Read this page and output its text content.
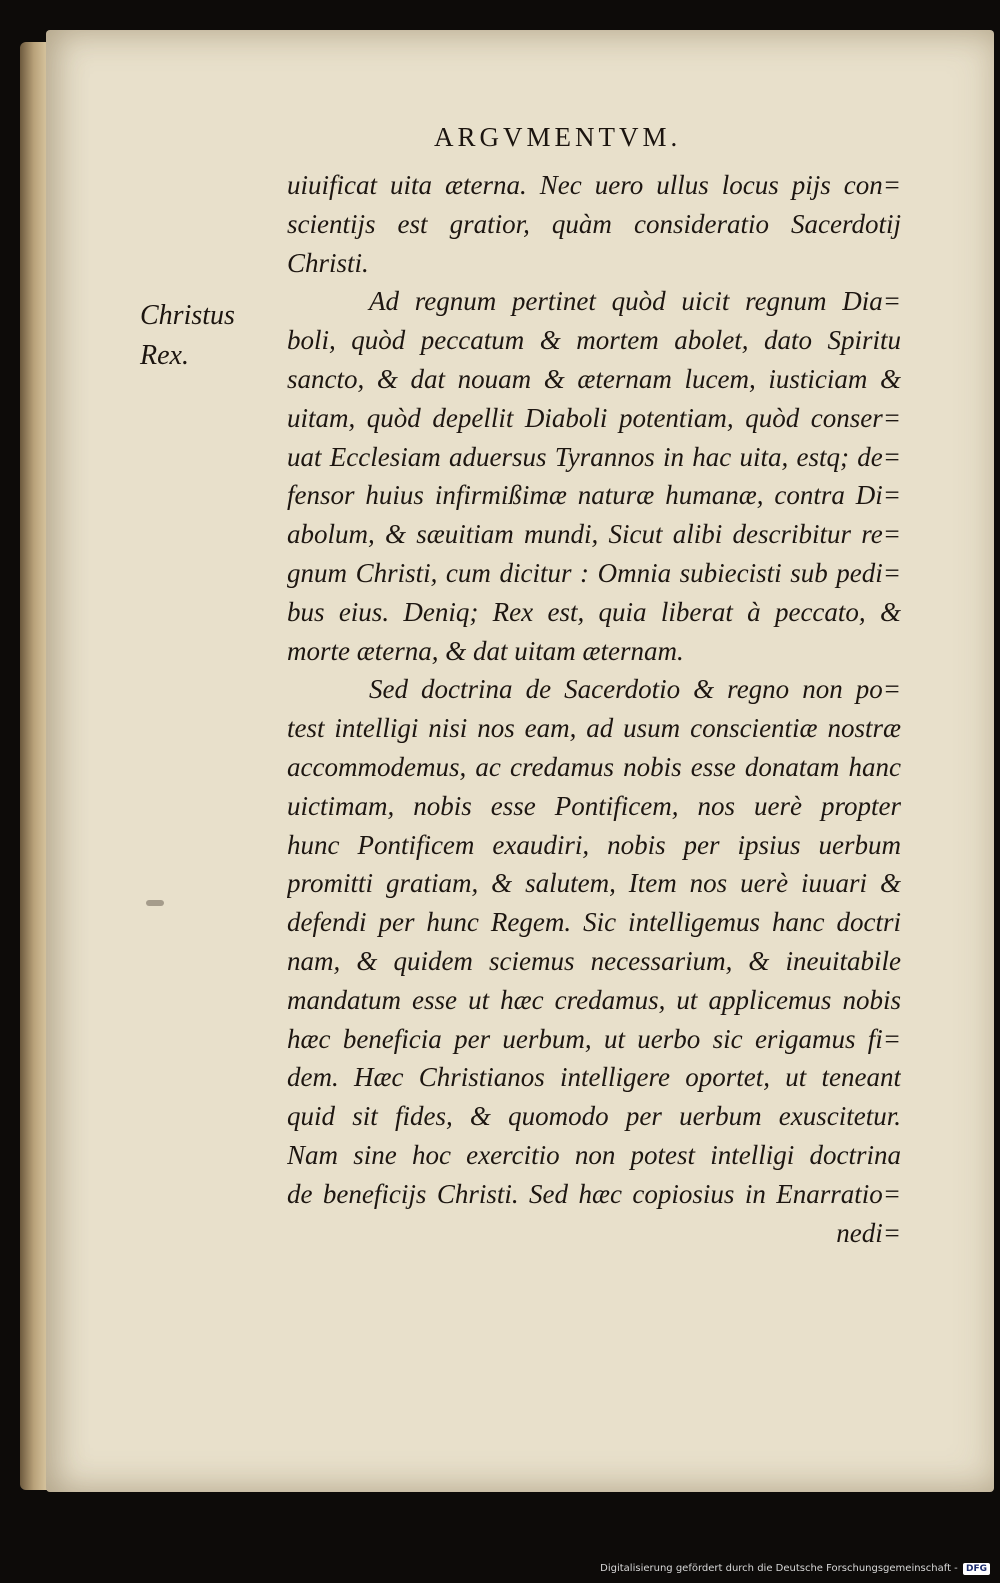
ARGVMENTVM.
Christus
Rex.
uiuificat uita æterna. Nec uero ullus locus pijs con=
scientijs est gratior, quàm consideratio Sacerdotij
Christi.
Ad regnum pertinet quòd uicit regnum Dia=
boli, quòd peccatum & mortem abolet, dato Spiritu
sancto, & dat nouam & æternam lucem, iusticiam &
uitam, quòd depellit Diaboli potentiam, quòd conser=
uat Ecclesiam aduersus Tyrannos in hac uita, estq; de=
fensor huius infirmißimæ naturæ humanæ, contra Di=
abolum, & sæuitiam mundi, Sicut alibi describitur re=
gnum Christi, cum dicitur : Omnia subiecisti sub pedi=
bus eius. Deniq; Rex est, quia liberat à peccato, &
morte æterna, & dat uitam æternam.
Sed doctrina de Sacerdotio & regno non po=
test intelligi nisi nos eam, ad usum conscientiæ nostræ
accommodemus, ac credamus nobis esse donatam hanc
uictimam, nobis esse Pontificem, nos uerè propter
hunc Pontificem exaudiri, nobis per ipsius uerbum
promitti gratiam, & salutem, Item nos uerè iuuari &
defendi per hunc Regem. Sic intelligemus hanc doctri
nam, & quidem sciemus necessarium, & ineuitabile
mandatum esse ut hæc credamus, ut applicemus nobis
hæc beneficia per uerbum, ut uerbo sic erigamus fi=
dem. Hæc Christianos intelligere oportet, ut teneant
quid sit fides, & quomodo per uerbum exuscitetur.
Nam sine hoc exercitio non potest intelligi doctrina
de beneficijs Christi. Sed hæc copiosius in Enarratio=
nedi=
Digitalisierung gefördert durch die Deutsche Forschungsgemeinschaft - DFG
